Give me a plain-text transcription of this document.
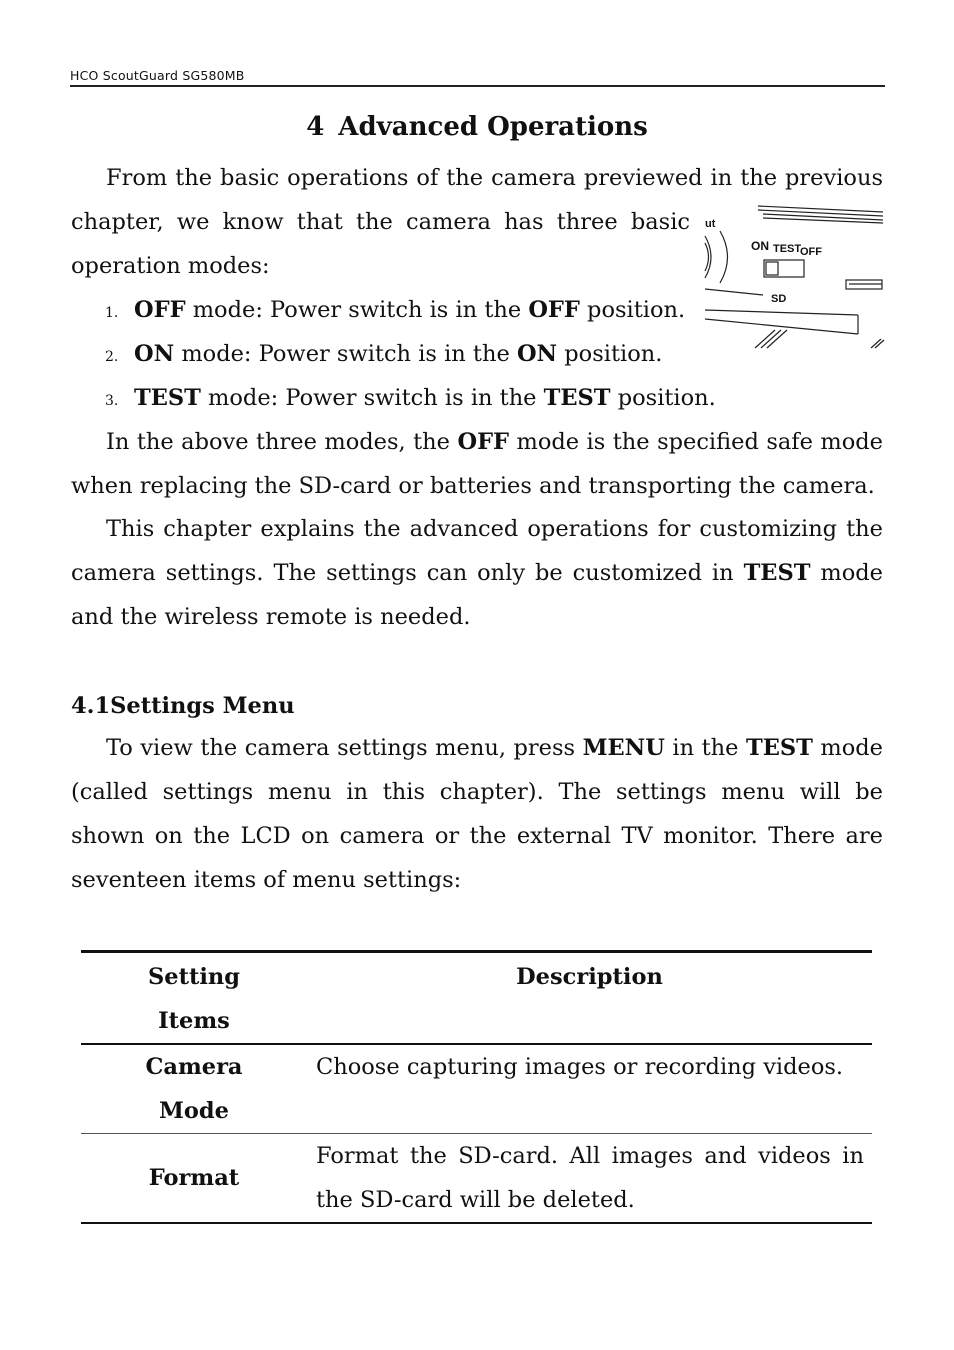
HCO ScoutGuard SG580MB
4 Advanced Operations
From the basic operations of the camera previewed in the previous
chapter, we know that the camera has three basic
operation modes:
ut
ON TEST
OFF
SD
1. OFF mode: Power switch is in the OFF position.
2. ON mode: Power switch is in the ON position.
3. TEST mode: Power switch is in the TEST position.
In the above three modes, the OFF mode is the specified safe mode when replacing the SD-card or batteries and transporting the camera.
This chapter explains the advanced operations for customizing the camera settings. The settings can only be customized in TEST mode and the wireless remote is needed.
4.1Settings Menu
To view the camera settings menu, press MENU in the TEST mode (called settings menu in this chapter). The settings menu will be shown on the LCD on camera or the external TV monitor. There are seventeen items of menu settings:
Setting Items	Description
Camera Mode	Choose capturing images or recording videos.
Format	Format the SD-card. All images and videos in the SD-card will be deleted.
